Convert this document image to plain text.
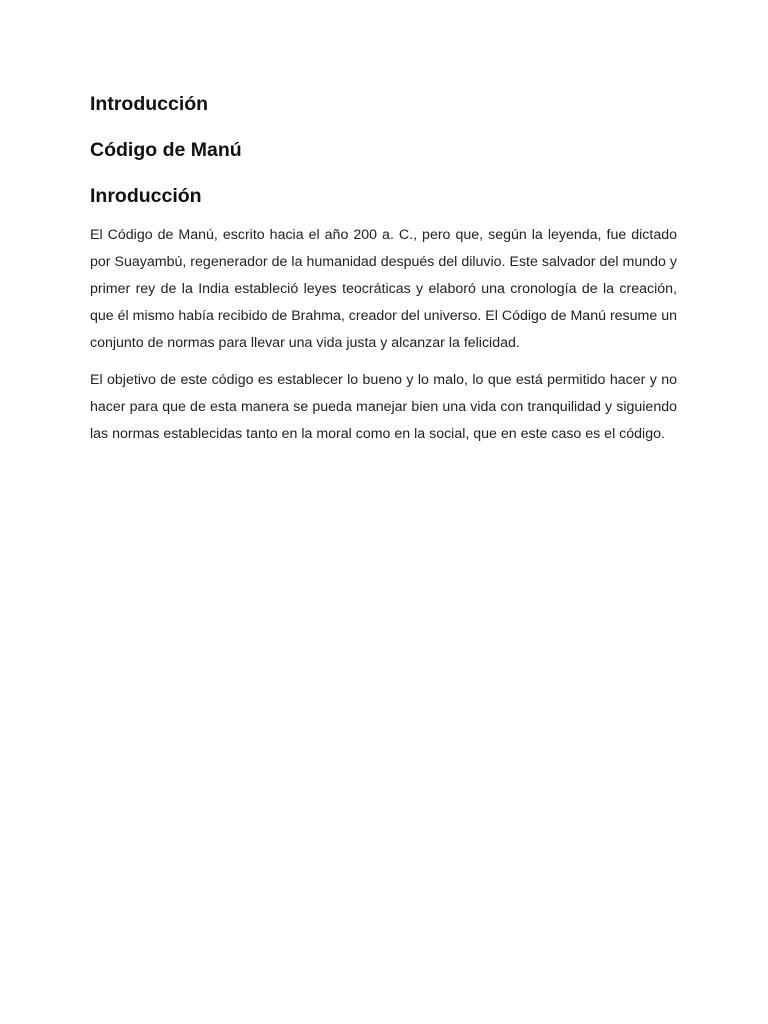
Introducción
Código de Manú
Inroducción

El Código de Manú, escrito hacia el año 200 a. C., pero que, según la leyenda, fue dictado por Suayambú, regenerador de la humanidad después del diluvio. Este salvador del mundo y primer rey de la India estableció leyes teocráticas y elaboró una cronología de la creación, que él mismo había recibido de Brahma, creador del universo. El Código de Manú resume un conjunto de normas para llevar una vida justa y alcanzar la felicidad.

El objetivo de este código es establecer lo bueno y lo malo, lo que está permitido hacer y no hacer para que de esta manera se pueda manejar bien una vida con tranquilidad y siguiendo las normas establecidas tanto en la moral como en la social, que en este caso es el código.
